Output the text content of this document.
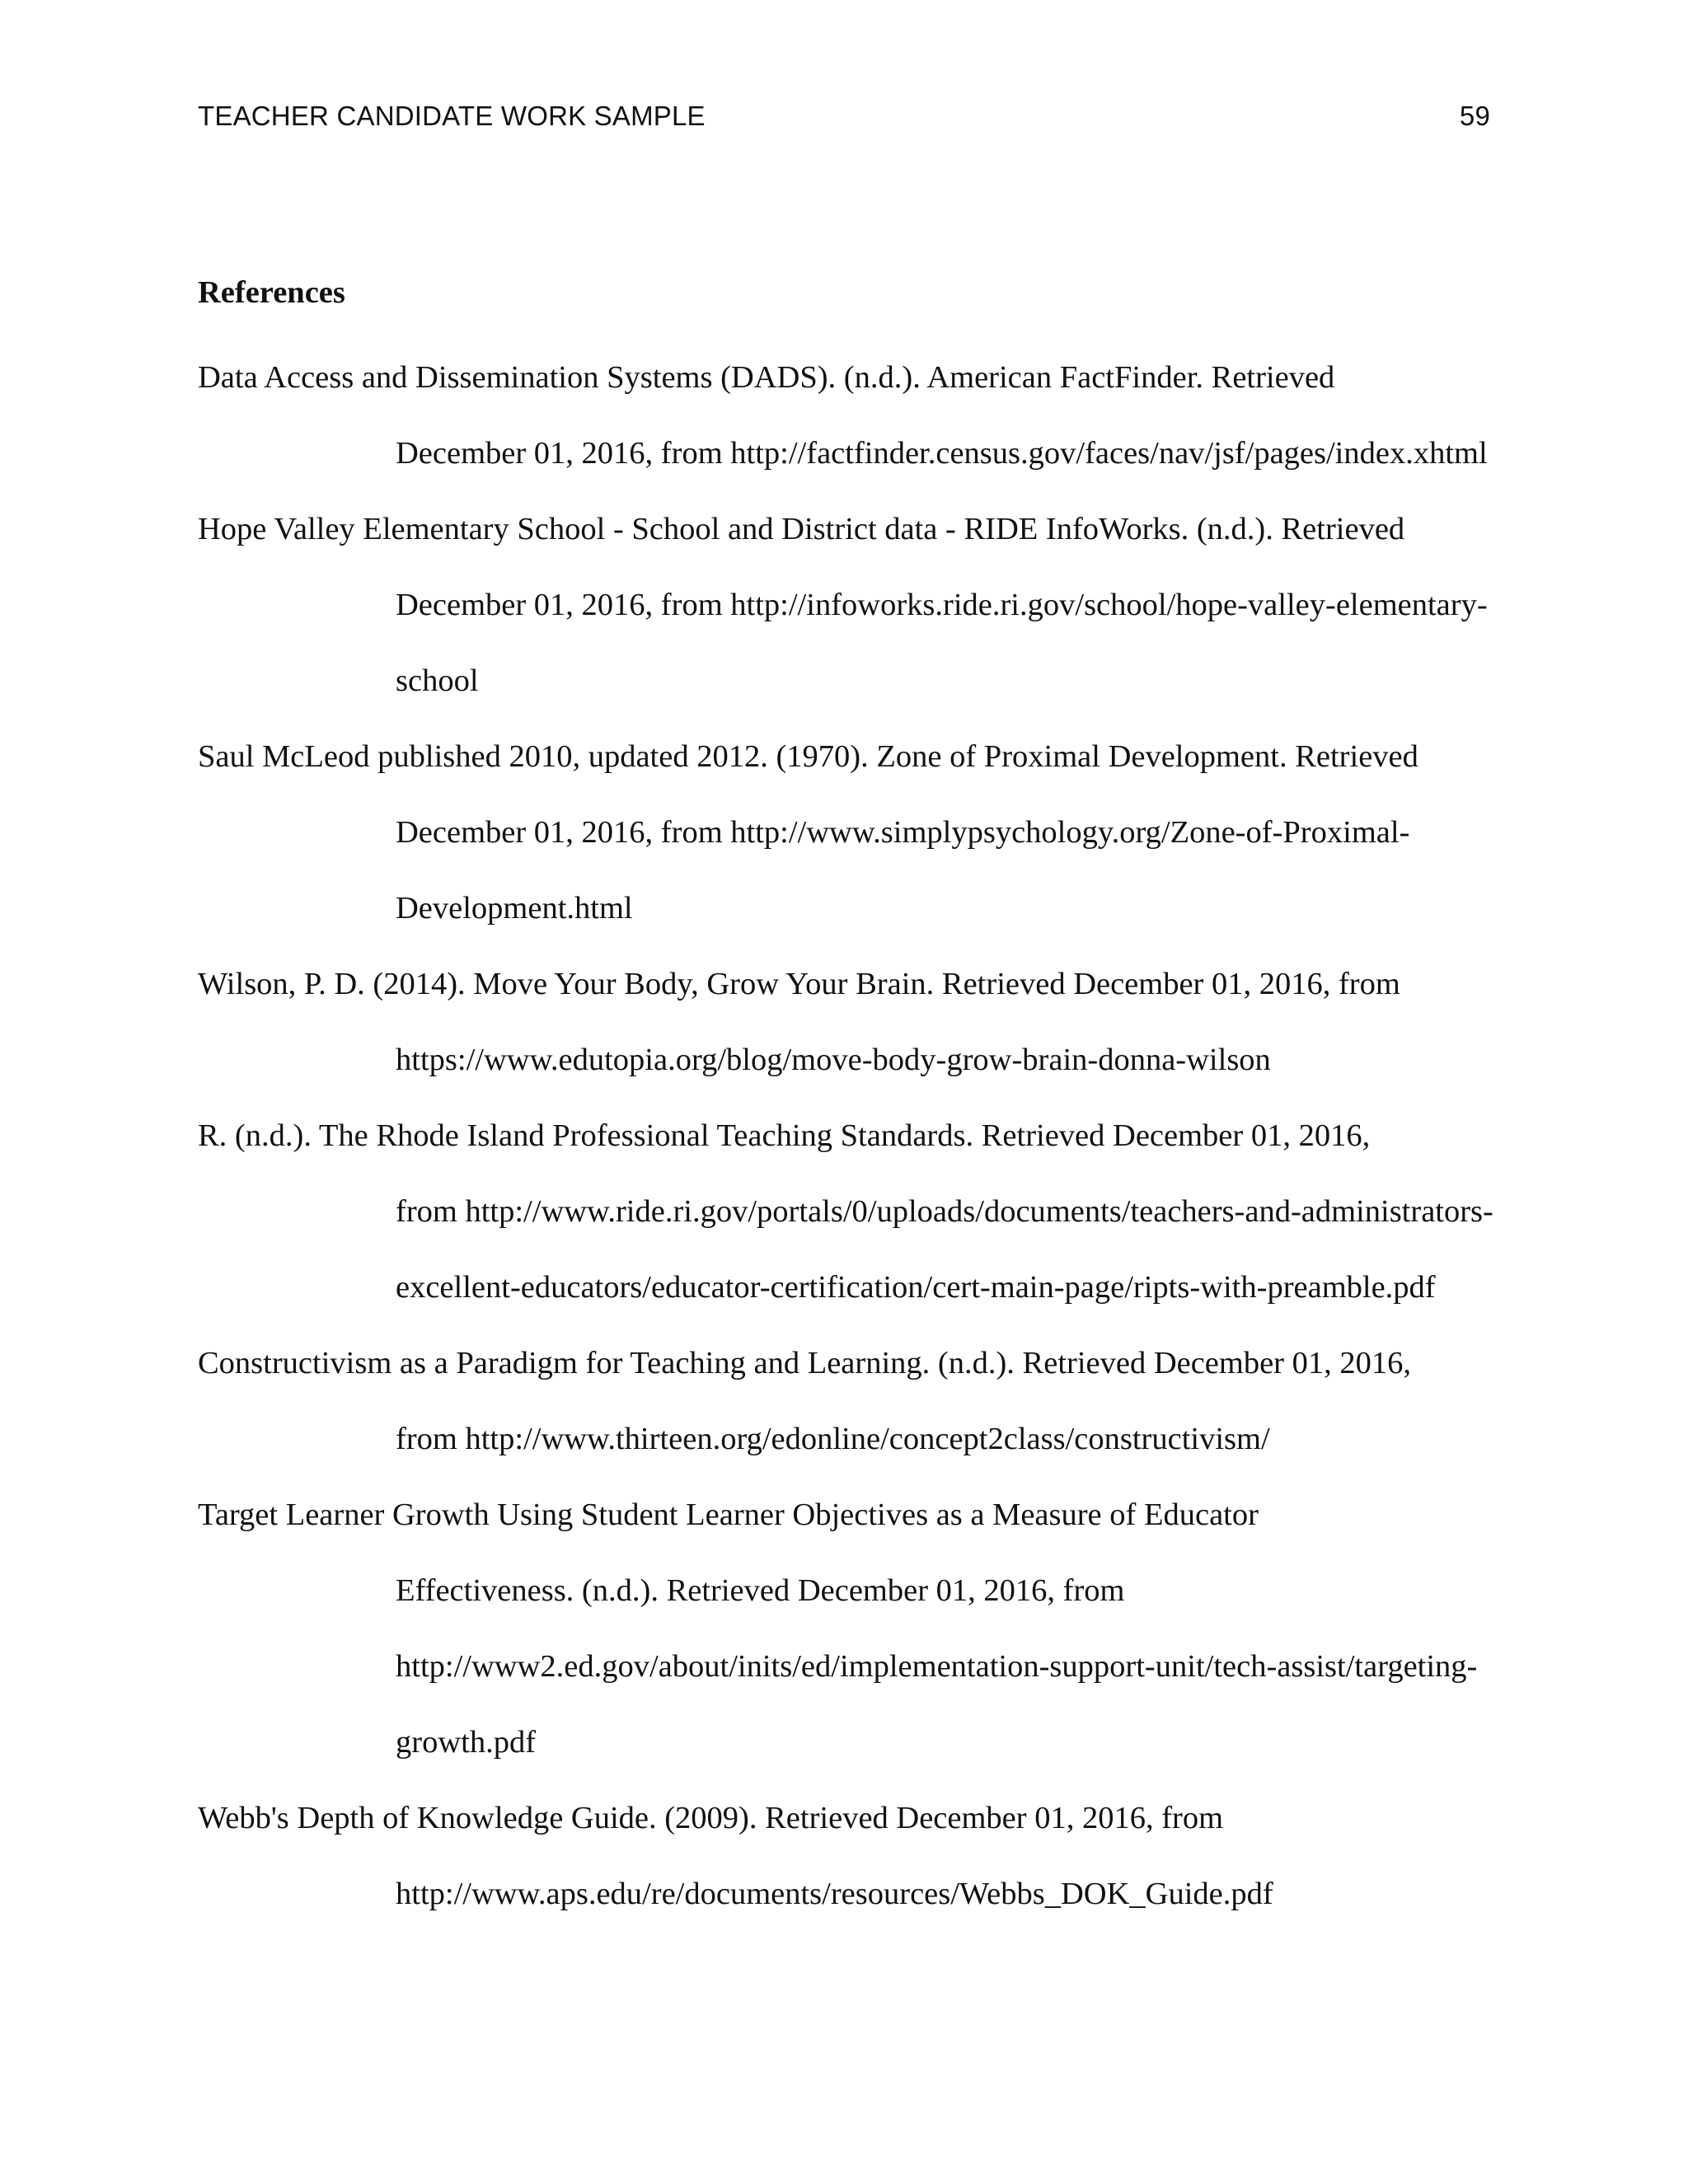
TEACHER CANDIDATE WORK SAMPLE	59
References
Data Access and Dissemination Systems (DADS). (n.d.). American FactFinder. Retrieved
December 01, 2016, from http://factfinder.census.gov/faces/nav/jsf/pages/index.xhtml
Hope Valley Elementary School - School and District data - RIDE InfoWorks. (n.d.). Retrieved
December 01, 2016, from http://infoworks.ride.ri.gov/school/hope-valley-elementary-
school
Saul McLeod published 2010, updated 2012. (1970). Zone of Proximal Development. Retrieved
December 01, 2016, from http://www.simplypsychology.org/Zone-of-Proximal-
Development.html
Wilson, P. D. (2014). Move Your Body, Grow Your Brain. Retrieved December 01, 2016, from
https://www.edutopia.org/blog/move-body-grow-brain-donna-wilson
R. (n.d.). The Rhode Island Professional Teaching Standards. Retrieved December 01, 2016,
from http://www.ride.ri.gov/portals/0/uploads/documents/teachers-and-administrators-
excellent-educators/educator-certification/cert-main-page/ripts-with-preamble.pdf
Constructivism as a Paradigm for Teaching and Learning. (n.d.). Retrieved December 01, 2016,
from http://www.thirteen.org/edonline/concept2class/constructivism/
Target Learner Growth Using Student Learner Objectives as a Measure of Educator
Effectiveness. (n.d.). Retrieved December 01, 2016, from
http://www2.ed.gov/about/inits/ed/implementation-support-unit/tech-assist/targeting-
growth.pdf
Webb's Depth of Knowledge Guide. (2009). Retrieved December 01, 2016, from
http://www.aps.edu/re/documents/resources/Webbs_DOK_Guide.pdf
